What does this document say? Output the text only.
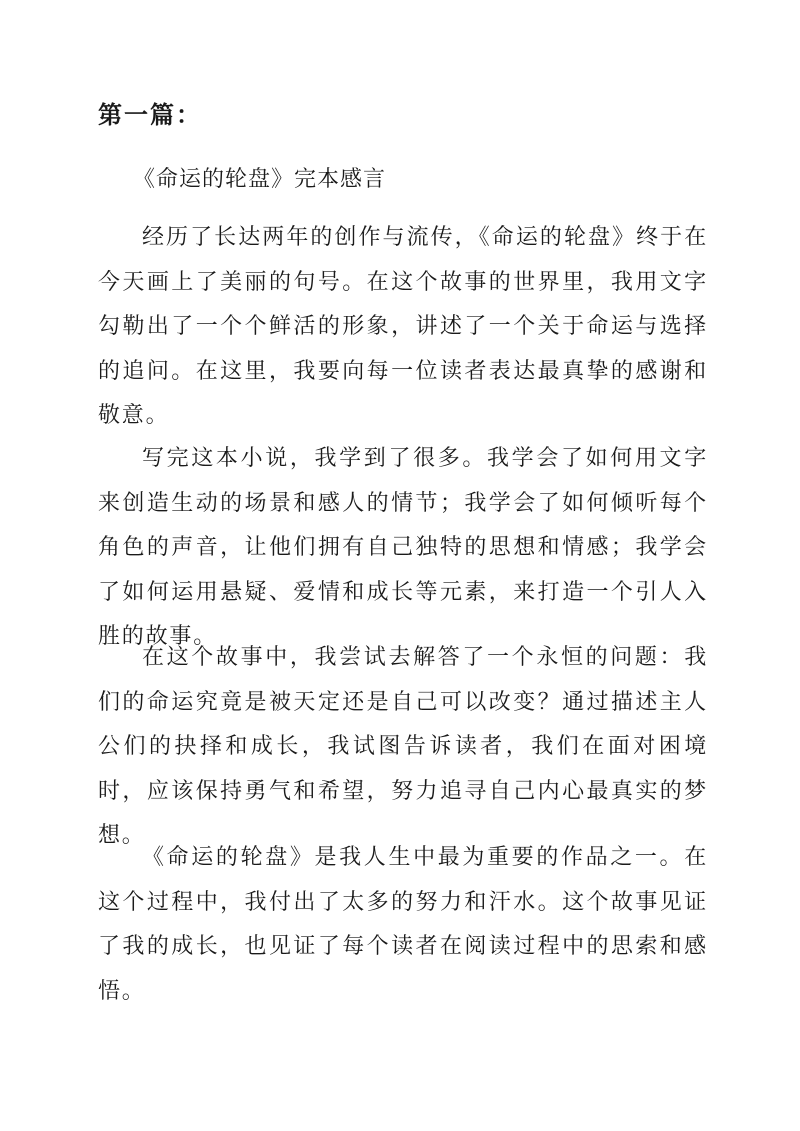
第一篇：
《命运的轮盘》完本感言

经历了长达两年的创作与流传，《命运的轮盘》终于在今天画上了美丽的句号。在这个故事的世界里，我用文字勾勒出了一个个鲜活的形象，讲述了一个关于命运与选择的追问。在这里，我要向每一位读者表达最真挚的感谢和敬意。

写完这本小说，我学到了很多。我学会了如何用文字来创造生动的场景和感人的情节；我学会了如何倾听每个角色的声音，让他们拥有自己独特的思想和情感；我学会了如何运用悬疑、爱情和成长等元素，来打造一个引人入胜的故事。

在这个故事中，我尝试去解答了一个永恒的问题：我们的命运究竟是被天定还是自己可以改变？通过描述主人公们的抉择和成长，我试图告诉读者，我们在面对困境时，应该保持勇气和希望，努力追寻自己内心最真实的梦想。

《命运的轮盘》是我人生中最为重要的作品之一。在这个过程中，我付出了太多的努力和汗水。这个故事见证了我的成长，也见证了每个读者在阅读过程中的思索和感悟。
